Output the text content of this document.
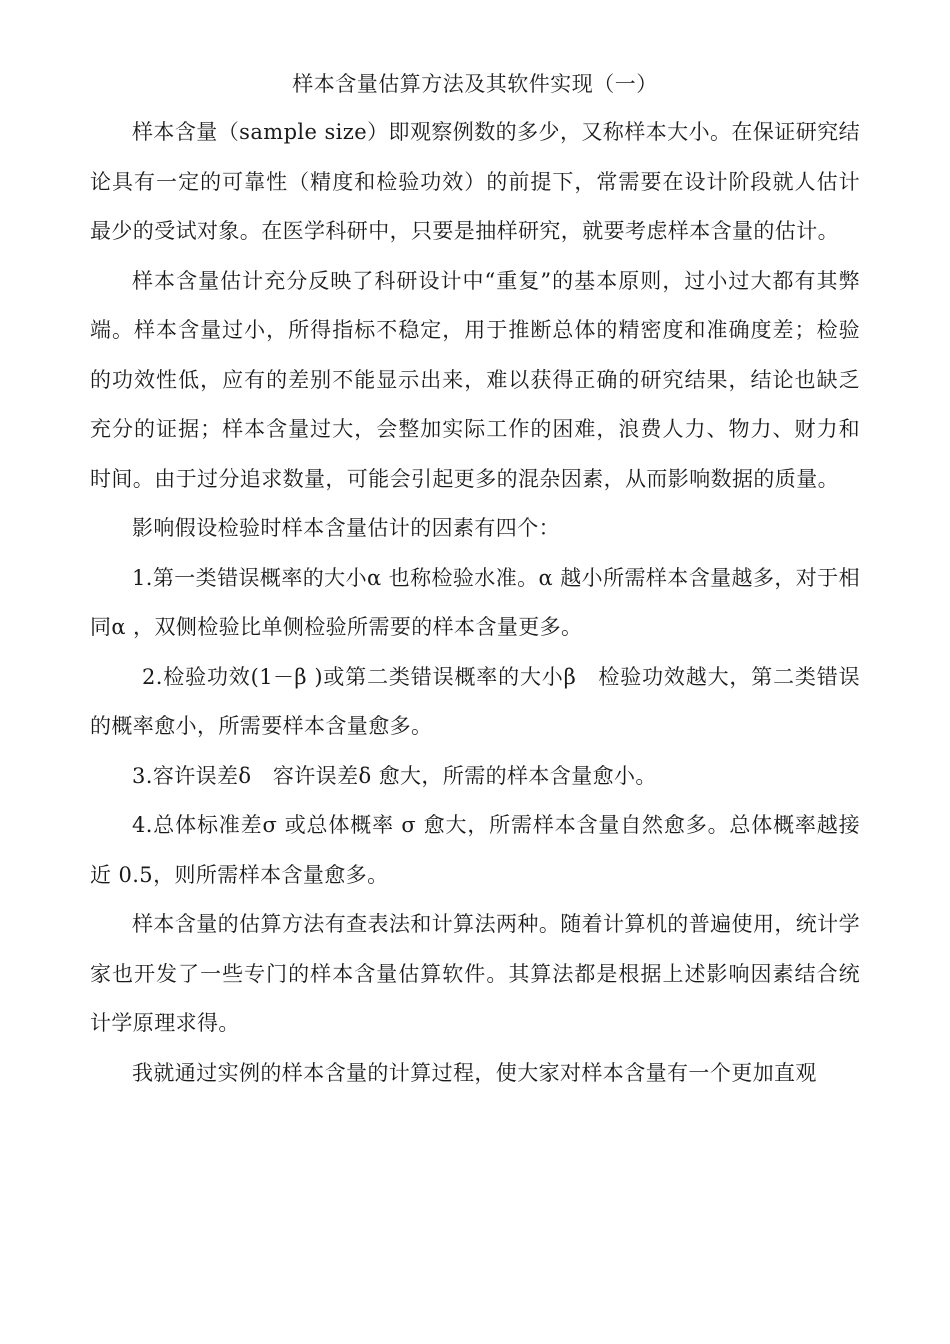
样本含量估算方法及其软件实现（一）

样本含量（sample size）即观察例数的多少，又称样本大小。在保证研究结论具有一定的可靠性（精度和检验功效）的前提下，常需要在设计阶段就人估计最少的受试对象。在医学科研中，只要是抽样研究，就要考虑样本含量的估计。

样本含量估计充分反映了科研设计中“重复”的基本原则，过小过大都有其弊端。样本含量过小，所得指标不稳定，用于推断总体的精密度和准确度差；检验的功效性低，应有的差别不能显示出来，难以获得正确的研究结果，结论也缺乏充分的证据；样本含量过大，会整加实际工作的困难，浪费人力、物力、财力和时间。由于过分追求数量，可能会引起更多的混杂因素，从而影响数据的质量。

影响假设检验时样本含量估计的因素有四个：

1.第一类错误概率的大小α 也称检验水准。α 越小所需样本含量越多，对于相同α ，双侧检验比单侧检验所需要的样本含量更多。

2.检验功效(1－β )或第二类错误概率的大小β　检验功效越大，第二类错误的概率愈小，所需要样本含量愈多。

3.容许误差δ　容许误差δ 愈大，所需的样本含量愈小。

4.总体标准差σ 或总体概率 σ 愈大，所需样本含量自然愈多。总体概率越接近 0.5，则所需样本含量愈多。

样本含量的估算方法有查表法和计算法两种。随着计算机的普遍使用，统计学家也开发了一些专门的样本含量估算软件。其算法都是根据上述影响因素结合统计学原理求得。

我就通过实例的样本含量的计算过程，使大家对样本含量有一个更加直观
